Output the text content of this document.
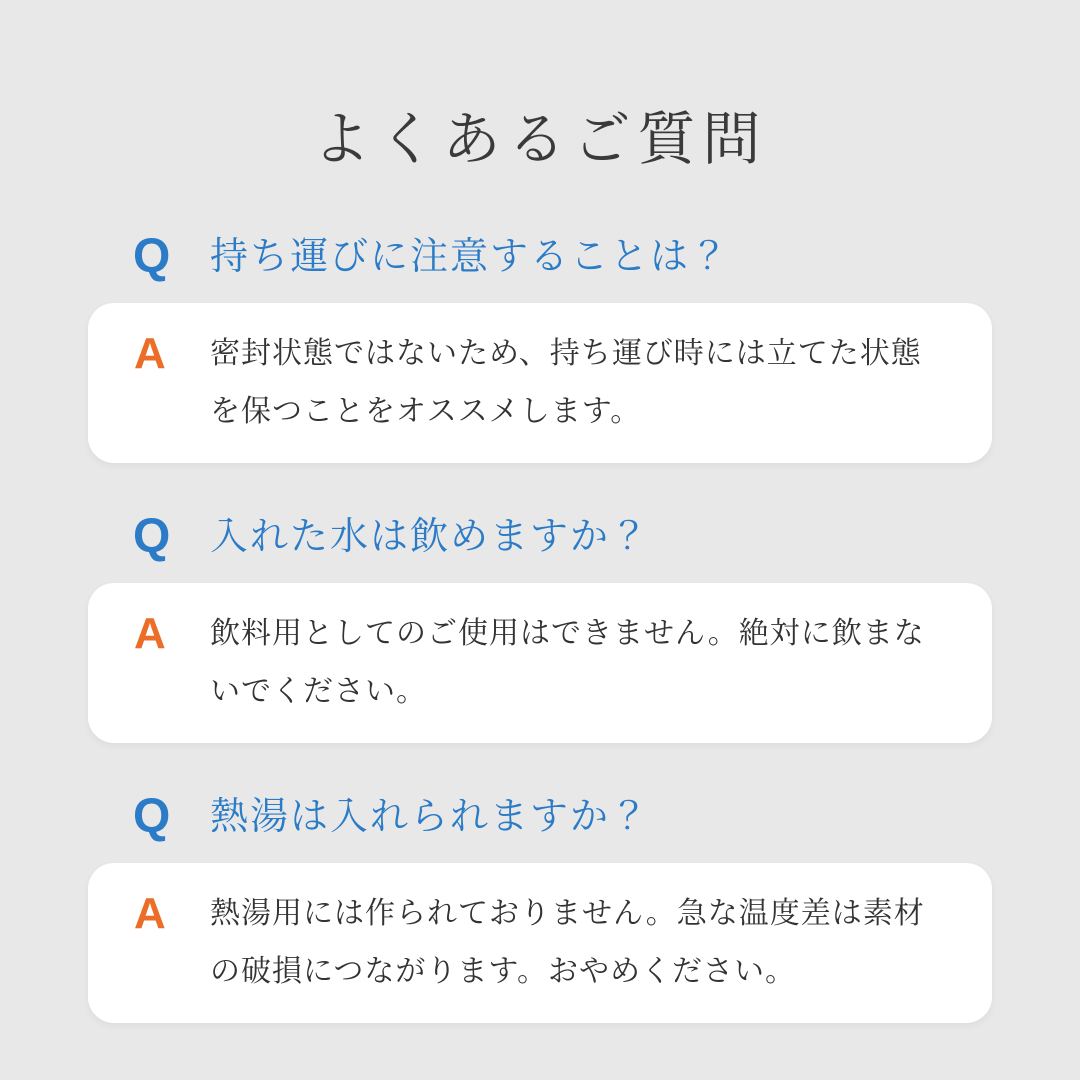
よくあるご質問
Q	持ち運びに注意することは？
A 密封状態ではないため、持ち運び時には立てた状態を保つことをオススメします。

Q	入れた水は飲めますか？
A 飲料用としてのご使用はできません。絶対に飲まないでください。

Q	熱湯は入れられますか？
A 熱湯用には作られておりません。急な温度差は素材の破損につながります。おやめください。
